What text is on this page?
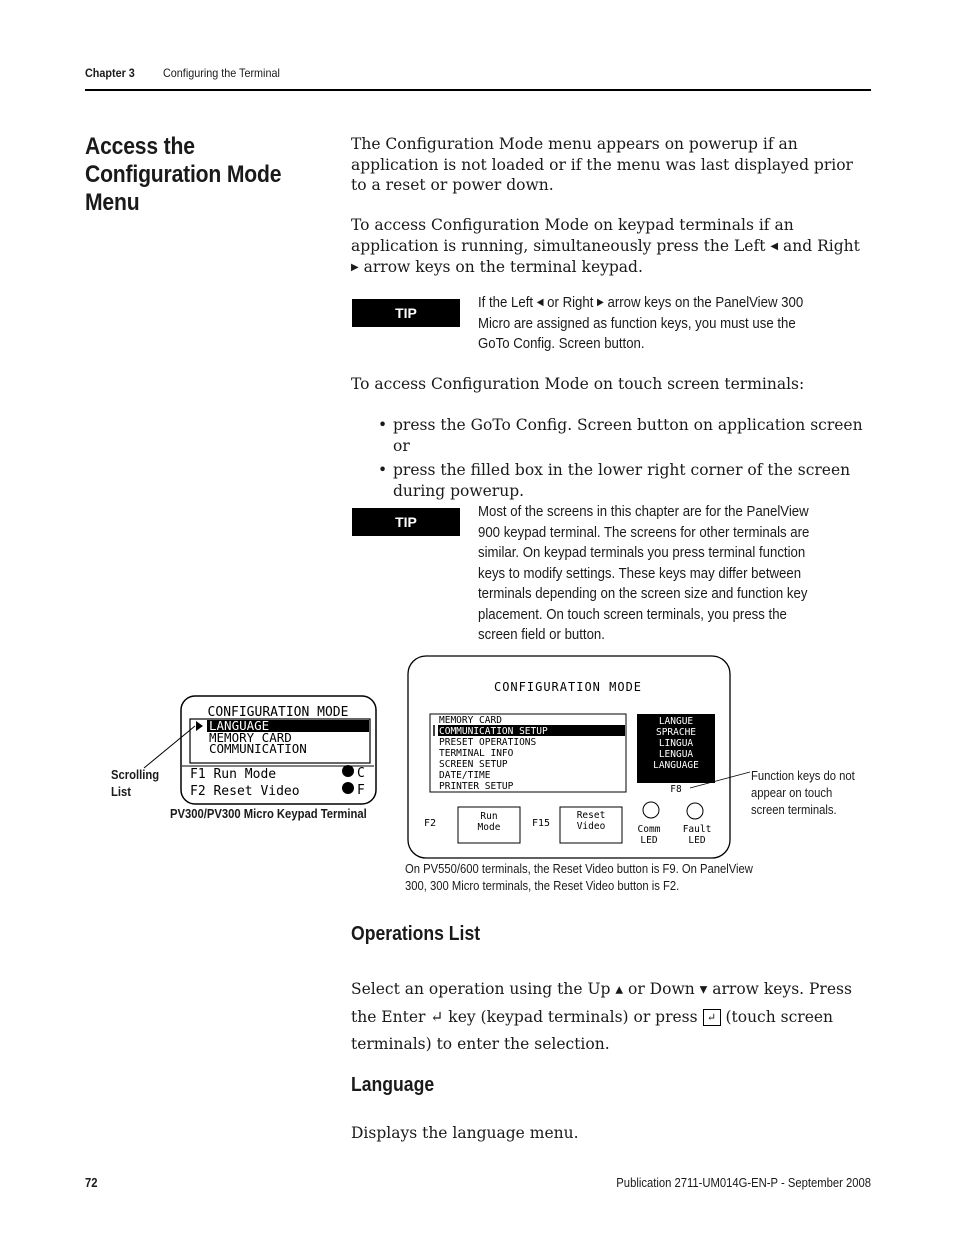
Chapter 3 Configuring the Terminal
Access the Configuration Mode Menu
The Configuration Mode menu appears on powerup if an application is not loaded or if the menu was last displayed prior to a reset or power down.
To access Configuration Mode on keypad terminals if an application is running, simultaneously press the Left ◀ and Right ▶ arrow keys on the terminal keypad.
TIP
If the Left ◀ or Right ▶ arrow keys on the PanelView 300 Micro are assigned as function keys, you must use the GoTo Config. Screen button.
To access Configuration Mode on touch screen terminals:
• press the GoTo Config. Screen button on application screen or
• press the filled box in the lower right corner of the screen during powerup.
TIP
Most of the screens in this chapter are for the PanelView 900 keypad terminal. The screens for other terminals are similar. On keypad terminals you press terminal function keys to modify settings. These keys may differ between terminals depending on the screen size and function key placement. On touch screen terminals, you press the screen field or button.
CONFIGURATION MODE
LANGUAGE
MEMORY CARD
COMMUNICATION
F1 Run Mode
F2 Reset Video
C
F
Scrolling
List
PV300/PV300 Micro Keypad Terminal
CONFIGURATION MODE
MEMORY CARD
COMMUNICATION SETUP
PRESET OPERATIONS
TERMINAL INFO
SCREEN SETUP
DATE/TIME
PRINTER SETUP
LANGUE
SPRACHE
LINGUA
LENGUA
LANGUAGE
F8
F2
Run
Mode	F15
Reset
Video	Comm
LED
Fault
LED
Function keys do not
appear on touch
screen terminals.
On PV550/600 terminals, the Reset Video button is F9. On PanelView 300, 300 Micro terminals, the Reset Video button is F2.
Operations List
Select an operation using the Up ▲ or Down ▼ arrow keys. Press the Enter ↵ key (keypad terminals) or press ↵ (touch screen terminals) to enter the selection.
Language
Displays the language menu.
72	Publication 2711-UM014G-EN-P - September 2008
